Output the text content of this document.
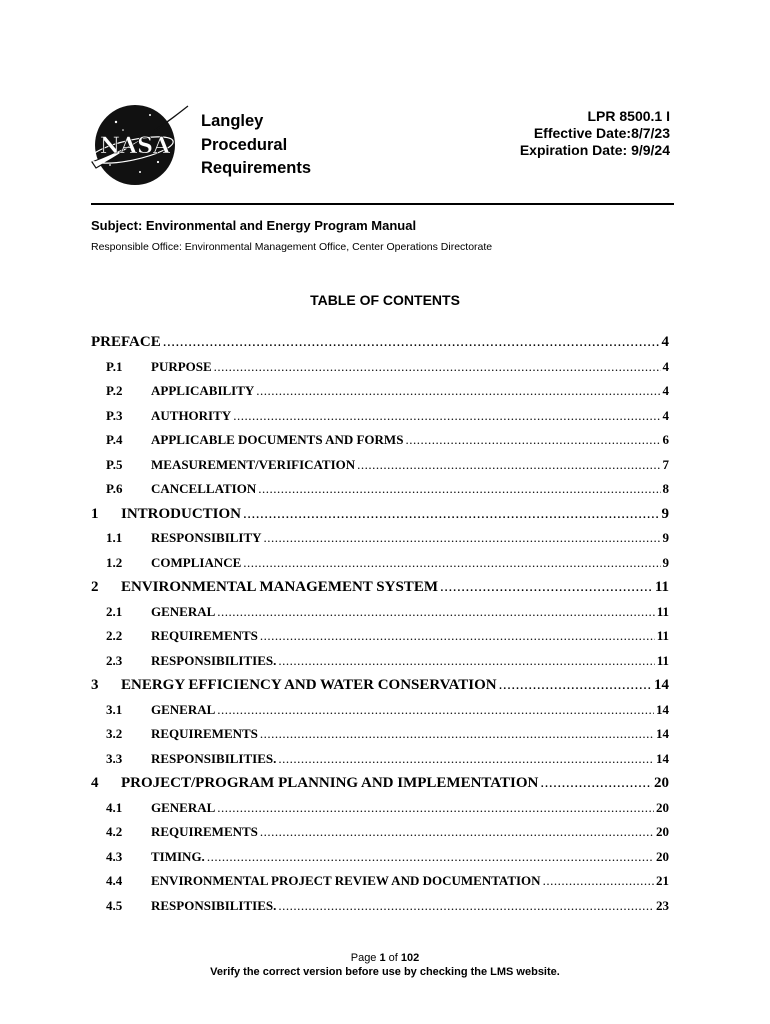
NASA
Langley
Procedural
Requirements
LPR 8500.1 I
Effective Date:8/7/23
Expiration Date: 9/9/24
Subject: Environmental and Energy Program Manual
Responsible Office: Environmental Management Office, Center Operations Directorate
TABLE OF CONTENTS
PREFACE .....	4
P.1	PURPOSE .....	4
P.2	APPLICABILITY .....	4
P.3	AUTHORITY .....	4
P.4	APPLICABLE DOCUMENTS AND FORMS .....	6
P.5	MEASUREMENT/VERIFICATION .....	7
P.6	CANCELLATION .....	8
1	INTRODUCTION .....	9
1.1	RESPONSIBILITY .....	9
1.2	COMPLIANCE .....	9
2	ENVIRONMENTAL MANAGEMENT SYSTEM .....	11
2.1	GENERAL .....	11
2.2	REQUIREMENTS .....	11
2.3	RESPONSIBILITIES. .....	11
3	ENERGY EFFICIENCY AND WATER CONSERVATION .....	14
3.1	GENERAL .....	14
3.2	REQUIREMENTS .....	14
3.3	RESPONSIBILITIES. .....	14
4	PROJECT/PROGRAM PLANNING AND IMPLEMENTATION .....	20
4.1	GENERAL .....	20
4.2	REQUIREMENTS .....	20
4.3	TIMING. .....	20
4.4	ENVIRONMENTAL PROJECT REVIEW AND DOCUMENTATION .....	21
4.5	RESPONSIBILITIES. .....	23
Page 1 of 102
Verify the correct version before use by checking the LMS website.
